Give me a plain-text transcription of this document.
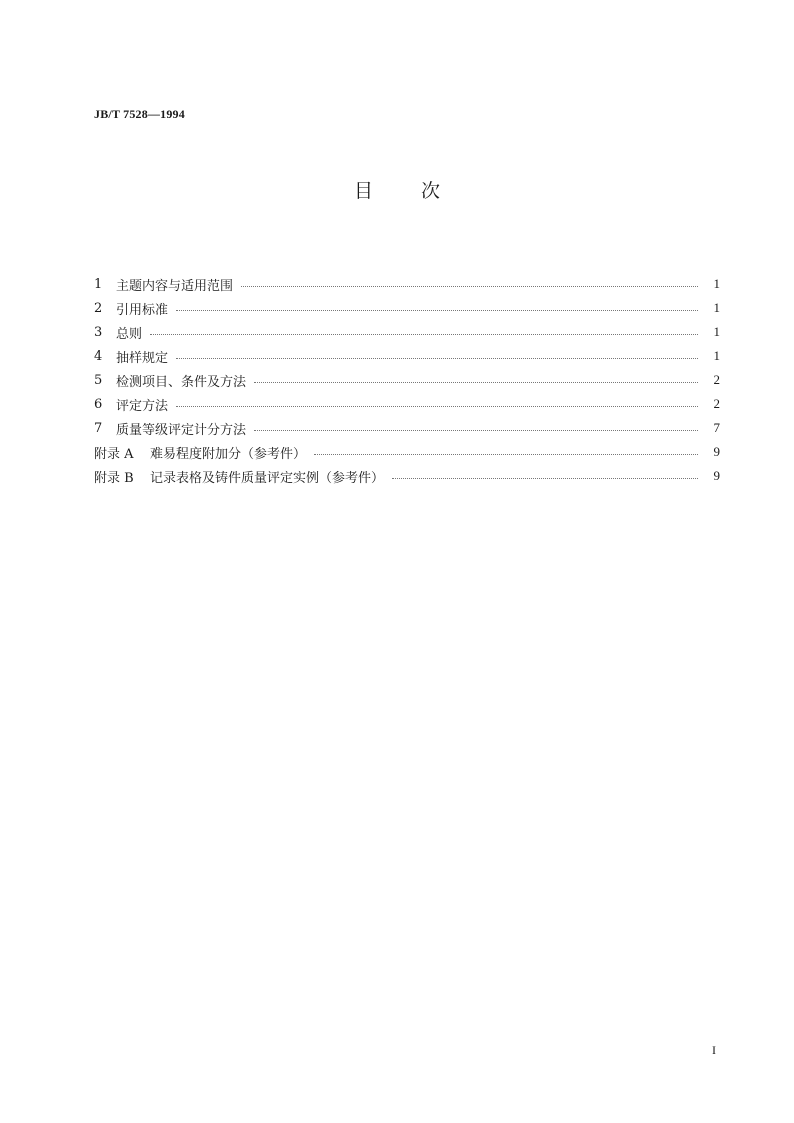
JB/T 7528—1994
目	次
1	主题内容与适用范围	1
2	引用标准	1
3	总则	1
4	抽样规定	1
5	检测项目、条件及方法	2
6	评定方法	2
7	质量等级评定计分方法	7
附录 A	难易程度附加分（参考件）	9
附录 B	记录表格及铸件质量评定实例（参考件）	9
I
